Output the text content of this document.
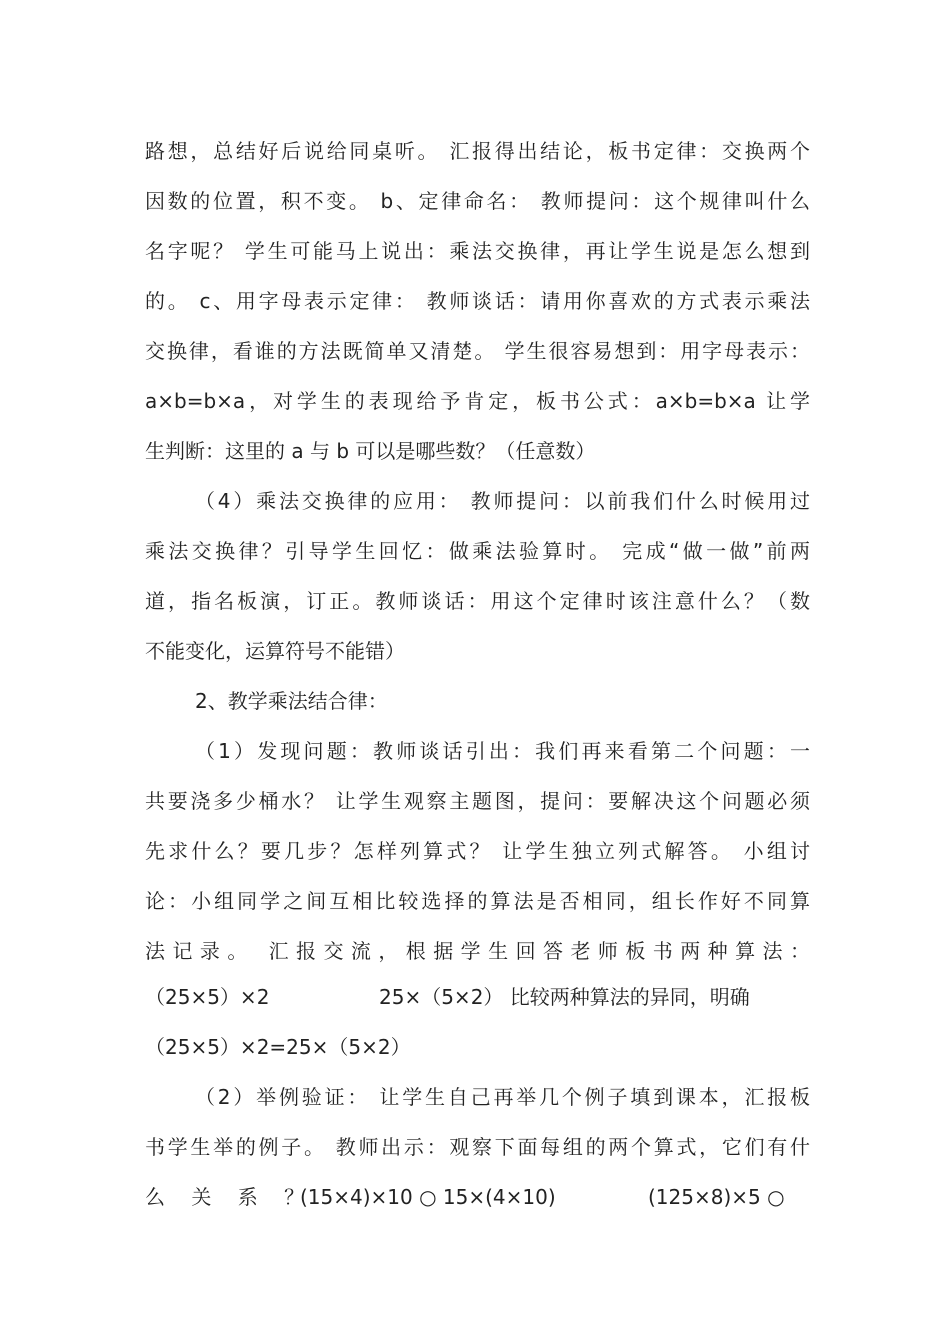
路想，总结好后说给同桌听。 汇报得出结论，板书定律：交换两个
因数的位置，积不变。 b、定律命名： 教师提问：这个规律叫什么
名字呢？ 学生可能马上说出：乘法交换律，再让学生说是怎么想到
的。 c、用字母表示定律： 教师谈话：请用你喜欢的方式表示乘法
交换律，看谁的方法既简单又清楚。 学生很容易想到：用字母表示：
a×b=b×a，对学生的表现给予肯定，板书公式：a×b=b×a 让学
生判断：这里的 a 与 b 可以是哪些数？（任意数）
（4）乘法交换律的应用： 教师提问：以前我们什么时候用过
乘法交换律？引导学生回忆：做乘法验算时。 完成“做一做”前两
道，指名板演，订正。教师谈话：用这个定律时该注意什么？（数
不能变化，运算符号不能错）
2、教学乘法结合律：
（1）发现问题：教师谈话引出：我们再来看第二个问题：一
共要浇多少桶水？ 让学生观察主题图，提问：要解决这个问题必须
先求什么？要几步？怎样列算式？ 让学生独立列式解答。 小组讨
论：小组同学之间互相比较选择的算法是否相同，组长作好不同算
法记录。 汇报交流，根据学生回答老师板书两种算法：
（25×5）×2	25×（5×2） 比较两种算法的异同，明确
（25×5）×2=25×（5×2）
（2）举例验证： 让学生自己再举几个例子填到课本，汇报板
书学生举的例子。 教师出示：观察下面每组的两个算式，它们有什
么 关 系 ？
(15×4)×10 ○ 15×(4×10)	(125×8)×5 ○
